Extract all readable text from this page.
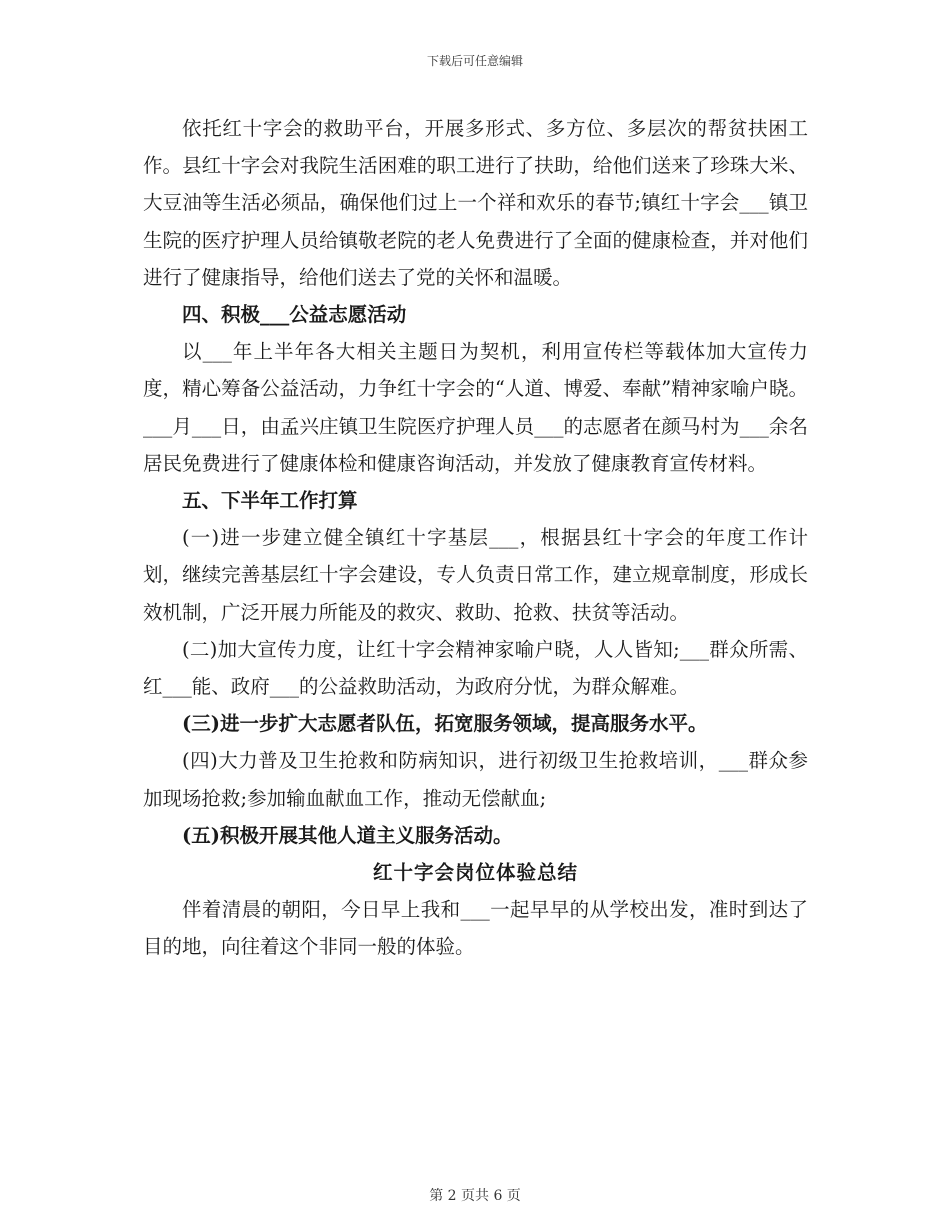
下载后可任意编辑

依托红十字会的救助平台，开展多形式、多方位、多层次的帮贫扶困工作。县红十字会对我院生活困难的职工进行了扶助，给他们送来了珍珠大米、大豆油等生活必须品，确保他们过上一个祥和欢乐的春节;镇红十字会___镇卫生院的医疗护理人员给镇敬老院的老人免费进行了全面的健康检查，并对他们进行了健康指导，给他们送去了党的关怀和温暖。

四、积极___公益志愿活动

以___年上半年各大相关主题日为契机，利用宣传栏等载体加大宣传力度，精心筹备公益活动，力争红十字会的“人道、博爱、奉献”精神家喻户晓。___月___日，由孟兴庄镇卫生院医疗护理人员___的志愿者在颜马村为___余名居民免费进行了健康体检和健康咨询活动，并发放了健康教育宣传材料。

五、下半年工作打算

(一)进一步建立健全镇红十字基层___，根据县红十字会的年度工作计划，继续完善基层红十字会建设，专人负责日常工作，建立规章制度，形成长效机制，广泛开展力所能及的救灾、救助、抢救、扶贫等活动。

(二)加大宣传力度，让红十字会精神家喻户晓，人人皆知;___群众所需、红___能、政府___的公益救助活动，为政府分忧，为群众解难。

(三)进一步扩大志愿者队伍，拓宽服务领域，提高服务水平。

(四)大力普及卫生抢救和防病知识，进行初级卫生抢救培训，___群众参加现场抢救;参加输血献血工作，推动无偿献血;

(五)积极开展其他人道主义服务活动。

红十字会岗位体验总结

伴着清晨的朝阳，今日早上我和___一起早早的从学校出发，准时到达了目的地，向往着这个非同一般的体验。

第 2 页共 6 页
